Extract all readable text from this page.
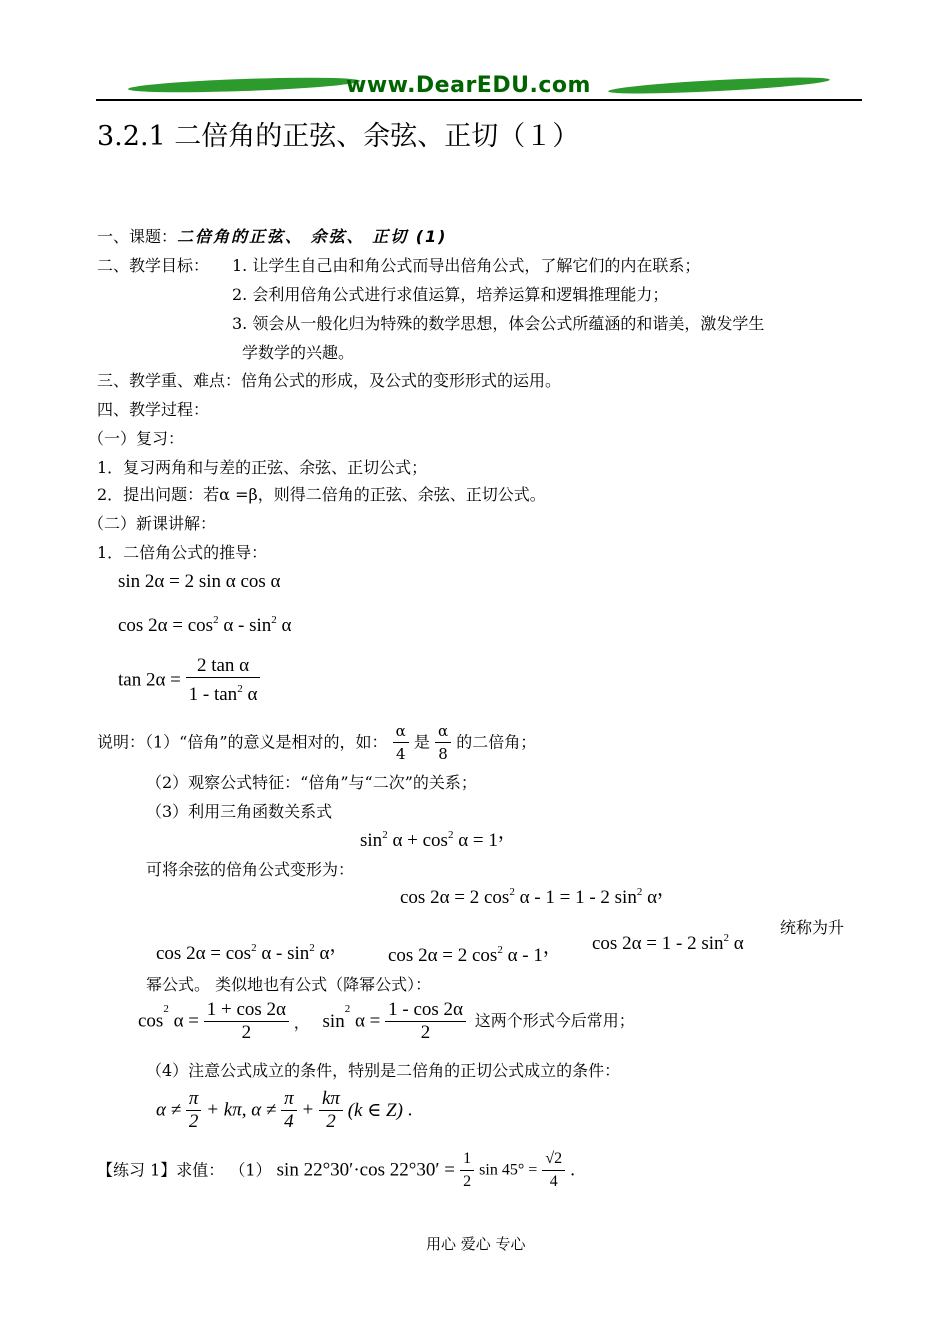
www.DearEDU.com
3.2.1 二倍角的正弦、余弦、正切（１）
一、课题：二倍角的正弦、 余弦、 正切 (1)
二、教学目标： 1. 让学生自己由和角公式而导出倍角公式，了解它们的内在联系；
2. 会利用倍角公式进行求值运算，培养运算和逻辑推理能力；
3. 领会从一般化归为特殊的数学思想，体会公式所蕴涵的和谐美，激发学生
学数学的兴趣。
三、教学重、难点：倍角公式的形成，及公式的变形形式的运用。
四、教学过程：
（一）复习：
1．复习两角和与差的正弦、余弦、正切公式；
2．提出问题：若α =β，则得二倍角的正弦、余弦、正切公式。
（二）新课讲解：
1．二倍角公式的推导：
sin 2α = 2 sin α cos α
$\cos 2\alpha = \cos^2 \alpha - \sin^2 \alpha$
$\tan 2\alpha = \frac{\text{2 tan α}}{1 - \tan^2 \alpha}$
说明：（1）“倍角”的意义是相对的，如： $\frac{\alpha}{4}$ 是 $\frac{\alpha}{8}$ 的二倍角；
（2）观察公式特征：“倍角”与“二次”的关系；
（3）利用三角函数关系式
$\sin^2 \alpha + \cos^2 \alpha = 1$，
可将余弦的倍角公式变形为：
cos 2α = 2 $\cos^2 \alpha - 1 = 1 - 2$ $\sin^2 \alpha$，
$\cos 2\alpha = \cos^2 \alpha - \sin^2 \alpha$， cos 2α = 2 $\cos^2 \alpha - 1$， cos 2α = 1 - 2 $\sin^2 \alpha$
统称为升
幂公式。 类似地也有公式（降幂公式）：
$\cos^2 \alpha = \frac{1 + \cos 2\alpha}{2}$ ， $\sin^2 \alpha = \frac{1 - \cos 2\alpha}{2}$ 这两个形式今后常用；
（4）注意公式成立的条件，特别是二倍角的正切公式成立的条件：
$\alpha \ne \frac{\pi}{2} + k\pi$, $\alpha \ne \frac{\pi}{4} + \frac{k\pi}{2} (k$ ∈ Z) .
【练习 1】求值： （1） sin 22°30′·cos $22^\circ 30' = \frac{1}{2}$ $\sin 45^\circ = \frac{√2}{4}$ .
用心 爱心 专心
